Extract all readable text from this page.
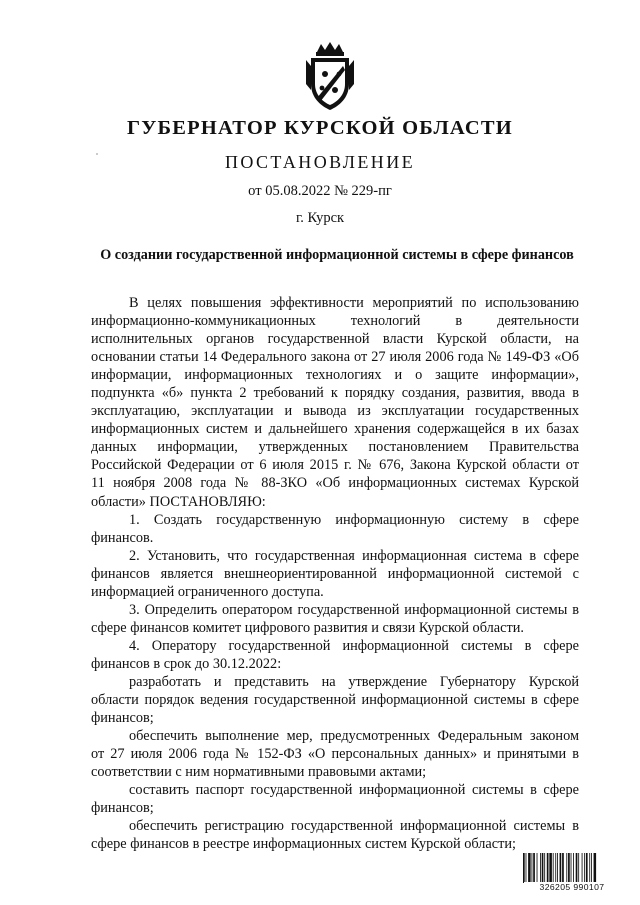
ГУБЕРНАТОР КУРСКОЙ ОБЛАСТИ
ПОСТАНОВЛЕНИЕ
от 05.08.2022 № 229-пг
г. Курск
О создании государственной информационной системы в сфере финансов
В целях повышения эффективности мероприятий по использованию
информационно-коммуникационных технологий в деятельности
исполнительных органов государственной власти Курской области, на
основании статьи 14 Федерального закона от 27 июля 2006 года № 149-ФЗ «Об
информации, информационных технологиях и о защите информации»,
подпункта «б» пункта 2 требований к порядку создания, развития, ввода в
эксплуатацию, эксплуатации и вывода из эксплуатации государственных
информационных систем и дальнейшего хранения содержащейся в их базах
данных информации, утвержденных постановлением Правительства
Российской Федерации от 6 июля 2015 г. № 676, Закона Курской области от
11 ноября 2008 года № 88-ЗКО «Об информационных системах Курской
области» ПОСТАНОВЛЯЮ:
1. Создать государственную информационную систему в сфере
финансов.
2. Установить, что государственная информационная система в сфере
финансов является внешнеориентированной информационной системой с
информацией ограниченного доступа.
3. Определить оператором государственной информационной системы в
сфере финансов комитет цифрового развития и связи Курской области.
4. Оператору государственной информационной системы в сфере
финансов в срок до 30.12.2022:
разработать и представить на утверждение Губернатору Курской
области порядок ведения государственной информационной системы в сфере
финансов;
обеспечить выполнение мер, предусмотренных Федеральным законом
от 27 июля 2006 года № 152-ФЗ «О персональных данных» и принятыми в
соответствии с ним нормативными правовыми актами;
составить паспорт государственной информационной системы в сфере
финансов;
обеспечить регистрацию государственной информационной системы в
сфере финансов в реестре информационных систем Курской области;
326205 990107
